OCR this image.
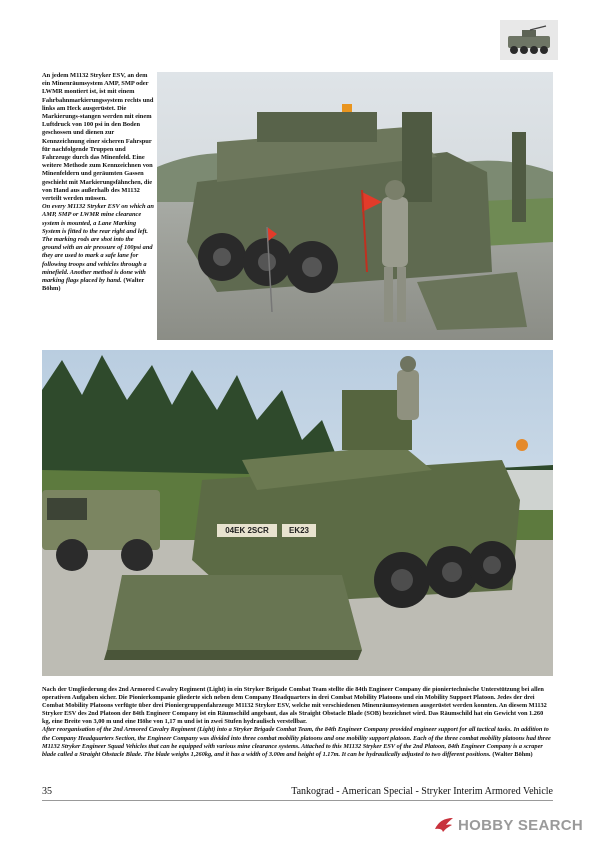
An jedem M1132 Stryker ESV, an dem ein Minenräumsystem AMP, SMP oder LWMR montiert ist, ist mit einem Fahrbahnmarkierungssystem rechts und links am Heck ausgerüstet. Die Markierungs-stangen werden mit einem Luftdruck von 100 psi in den Boden geschossen und dienen zur Kennzeichnung einer sicheren Fahrspur für nachfolgende Truppen und Fahrzeuge durch das Minenfeld. Eine weitere Methode zum Kennzeichnen von Minenfeldern und geräumten Gassen geschieht mit Markierungsfähnchen, die von Hand aus außerhalb des M1132 verteilt werden müssen.
On every M1132 Stryker ESV on which an AMP, SMP or LWMR mine clearance system is mounted, a Lane Marking System is fitted to the rear right and left. The marking rods are shot into the ground with an air pressure of 100psi and they are used to mark a safe lane for following troops and vehicles through a minefield. Another method is done with marking flags placed by hand. (Walter Böhm)
04EK 2SCR	EK23
Nach der Umgliederung des 2nd Armored Cavalry Regiment (Light) in ein Stryker Brigade Combat Team stellte die 84th Engineer Company die pioniertechnische Unterstützung bei allen operativen Aufgaben sicher. Die Pionierkompanie gliederte sich neben dem Company Headquarters in drei Combat Mobility Platoons und ein Mobility Support Platoon. Jedes der drei Combat Mobility Platoons verfügte über drei Pioniergruppenfahrzeuge M1132 Stryker ESV, welche mit verschiedenen Minenräumsystemen ausgerüstet werden konnten. An diesem M1132 Stryker ESV des 2nd Platoon der 84th Engineer Company ist ein Räumschild angebaut, das als Straight Obstacle Blade (SOB) bezeichnet wird. Das Räumschild hat ein Gewicht von 1.260 kg, eine Breite von 3,00 m und eine Höhe von 1,17 m und ist in zwei Stufen hydraulisch verstellbar.
After reorganisation of the 2nd Armored Cavalry Regiment (Light) into a Stryker Brigade Combat Team, the 84th Engineer Company provided engineer support for all tactical tasks. In addition to the Company Headquarters Section, the Engineer Company was divided into three combat mobility platoons and one mobility support platoon. Each of the three combat mobility platoons had three M1132 Stryker Engineer Squad Vehicles that can be equipped with various mine clearance systems. Attached to this M1132 Stryker ESV of the 2nd Platoon, 84th Engineer Company is a scraper blade called a Straight Obstacle Blade. The blade weighs 1,260kg, and it has a width of 3.00m and height of 1.17m. It can be hydraulically adjusted to two different positions. (Walter Böhm)
35	Tankograd - American Special - Stryker Interim Armored Vehicle
HOBBY SEARCH
